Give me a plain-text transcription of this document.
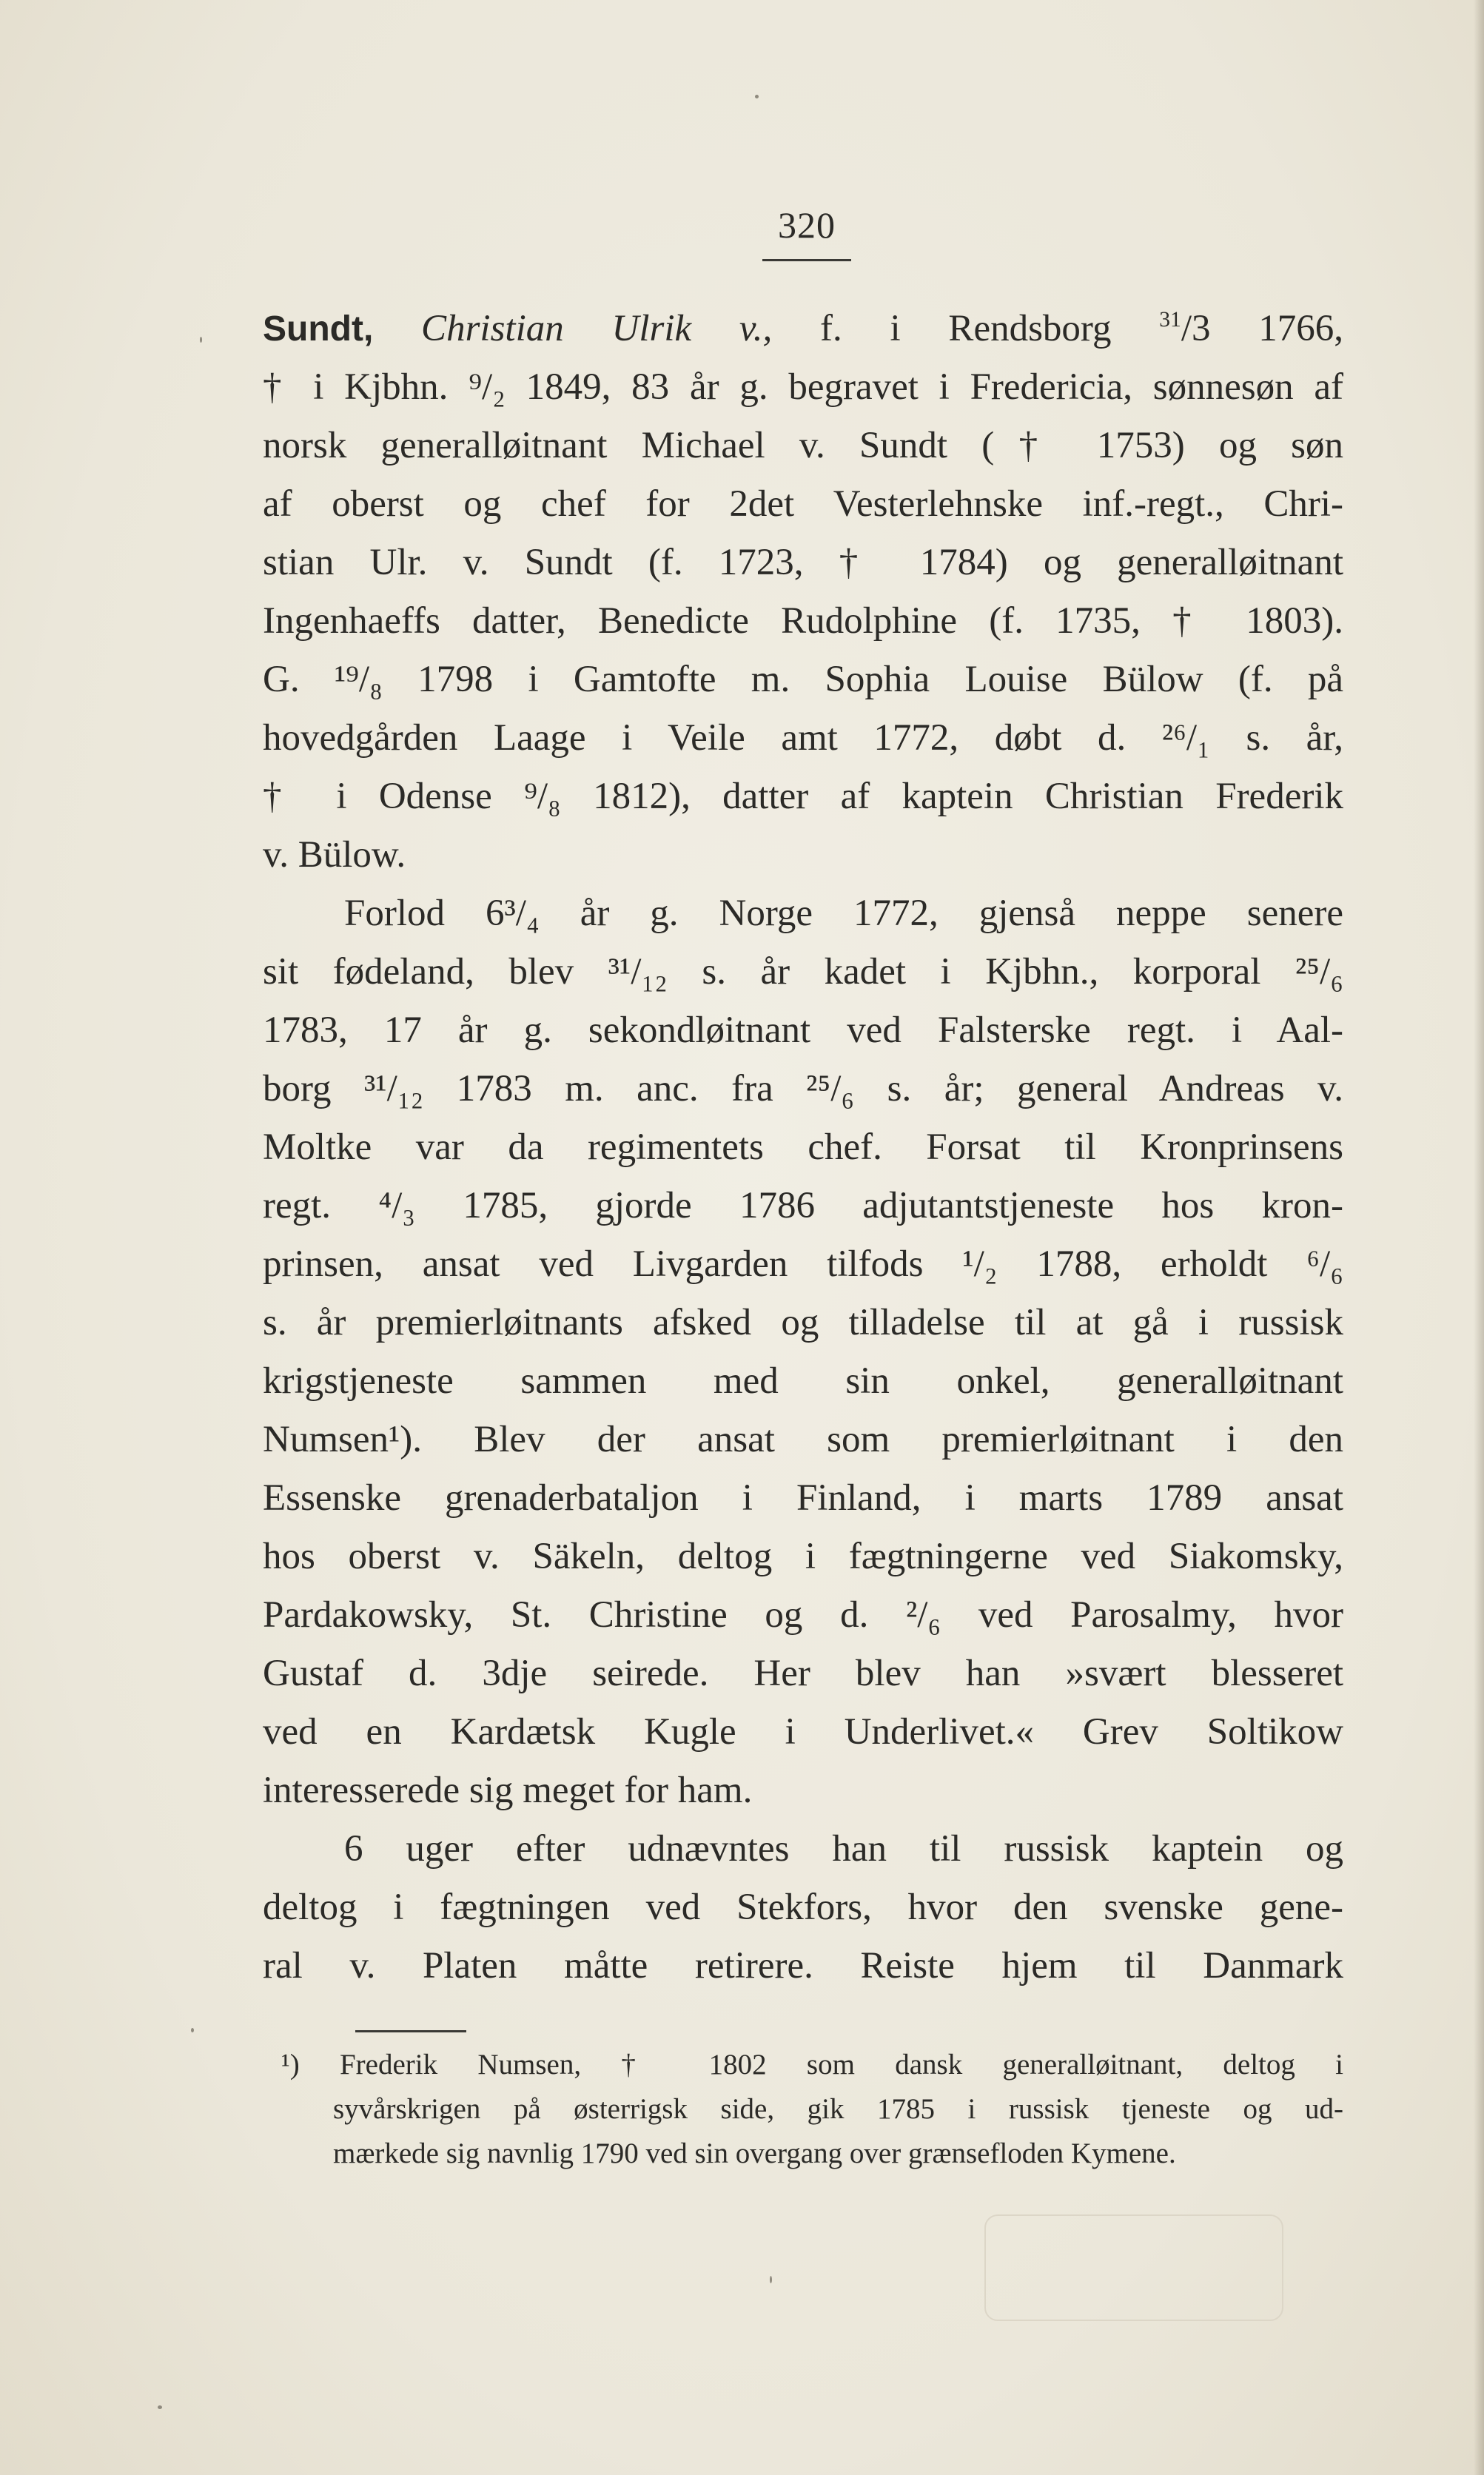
320
Sundt, Christian Ulrik v., f. i Rendsborg $^{31}$/3 1766,
† i Kjbhn. ⁹/₂ 1849, 83 år g. begravet i Fredericia, sønnesøn af
norsk generalløitnant Michael v. Sundt († 1753) og søn
af oberst og chef for 2det Vesterlehnske inf.-regt., Chri-
stian Ulr. v. Sundt (f. 1723, † 1784) og generalløitnant
Ingenhaeffs datter, Benedicte Rudolphine (f. 1735, † 1803).
G. ¹⁹/₈ 1798 i Gamtofte m. Sophia Louise Bülow (f. på
hovedgården Laage i Veile amt 1772, døbt d. ²⁶/₁ s. år,
† i Odense ⁹/₈ 1812), datter af kaptein Christian Frederik
v. Bülow.
Forlod 6³/₄ år g. Norge 1772, gjenså neppe senere
sit fødeland, blev ³¹/₁₂ s. år kadet i Kjbhn., korporal ²⁵/₆
1783, 17 år g. sekondløitnant ved Falsterske regt. i Aal-
borg ³¹/₁₂ 1783 m. anc. fra ²⁵/₆ s. år; general Andreas v.
Moltke var da regimentets chef. Forsat til Kronprinsens
regt. ⁴/₃ 1785, gjorde 1786 adjutantstjeneste hos kron-
prinsen, ansat ved Livgarden tilfods ¹/₂ 1788, erholdt ⁶/₆
s. år premierløitnants afsked og tilladelse til at gå i russisk
krigstjeneste sammen med sin onkel, generalløitnant
Numsen¹). Blev der ansat som premierløitnant i den
Essenske grenaderbataljon i Finland, i marts 1789 ansat
hos oberst v. Säkeln, deltog i fægtningerne ved Siakomsky,
Pardakowsky, St. Christine og d. ²/₆ ved Parosalmy, hvor
Gustaf d. 3dje seirede. Her blev han »svært blesseret
ved en Kardætsk Kugle i Underlivet.« Grev Soltikow
interesserede sig meget for ham.
6 uger efter udnævntes han til russisk kaptein og
deltog i fægtningen ved Stekfors, hvor den svenske gene-
ral v. Platen måtte retirere. Reiste hjem til Danmark
¹) Frederik Numsen, † 1802 som dansk generalløitnant, deltog i
syvårskrigen på østerrigsk side, gik 1785 i russisk tjeneste og ud-
mærkede sig navnlig 1790 ved sin overgang over grænsefloden Kymene.
